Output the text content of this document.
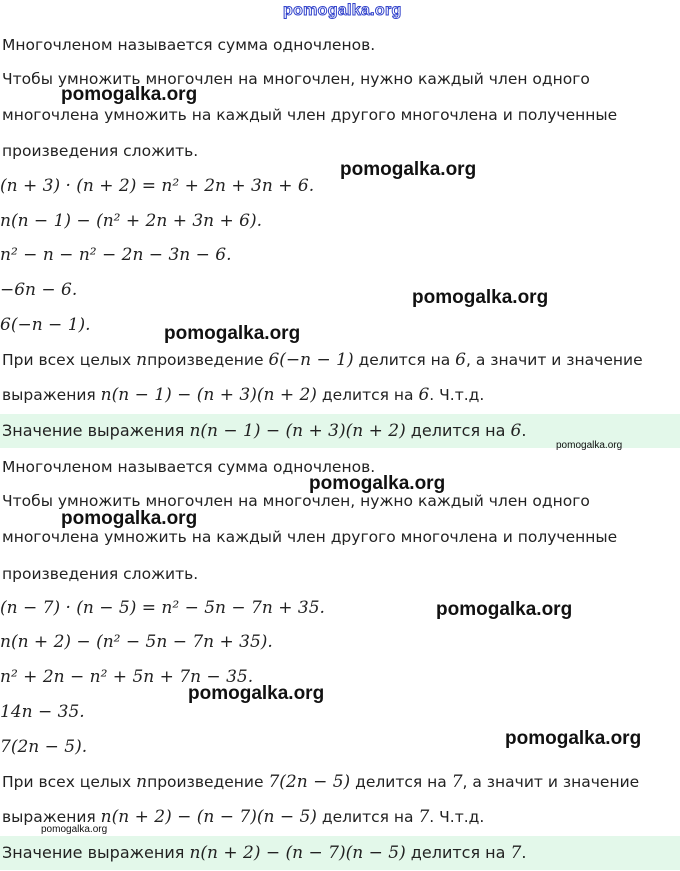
pomogalka.org
Многочленом называется сумма одночленов.
Чтобы умножить многочлен на многочлен, нужно каждый член одного
многочлена умножить на каждый член другого многочлена и полученные
произведения сложить.
(n + 3) · (n + 2) = n² + 2n + 3n + 6.
n(n − 1) − (n² + 2n + 3n + 6).
n² − n − n² − 2n − 3n − 6.
−6n − 6.
6(−n − 1).
При всех целых nпроизведение 6(−n − 1) делится на 6, а значит и значение
выражения n(n − 1) − (n + 3)(n + 2) делится на 6. Ч.т.д.
Значение выражения n(n − 1) − (n + 3)(n + 2) делится на 6.
Многочленом называется сумма одночленов.
Чтобы умножить многочлен на многочлен, нужно каждый член одного
многочлена умножить на каждый член другого многочлена и полученные
произведения сложить.
(n − 7) · (n − 5) = n² − 5n − 7n + 35.
n(n + 2) − (n² − 5n − 7n + 35).
n² + 2n − n² + 5n + 7n − 35.
14n − 35.
7(2n − 5).
При всех целых nпроизведение 7(2n − 5) делится на 7, а значит и значение
выражения n(n + 2) − (n − 7)(n − 5) делится на 7. Ч.т.д.
Значение выражения n(n + 2) − (n − 7)(n − 5) делится на 7.
pomogalka.org
pomogalka.org
pomogalka.org
pomogalka.org
pomogalka.org
pomogalka.org
pomogalka.org
pomogalka.org
pomogalka.org
pomogalka.org
pomogalka.org
